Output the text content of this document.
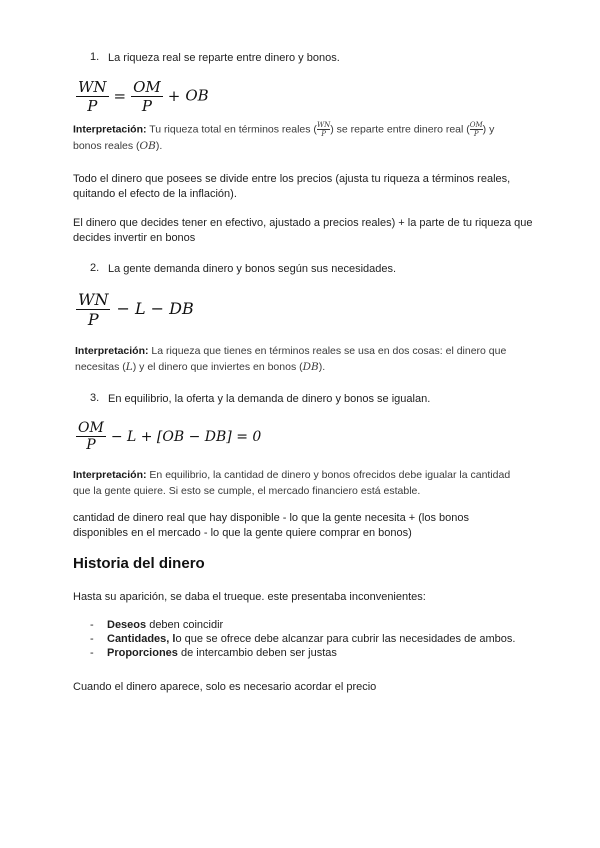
1. La riqueza real se reparte entre dinero y bonos.
$\frac{WN}{P} = \frac{OM}{P}$ + OB
Interpretación: Tu riqueza total en términos reales ( $\frac{WN}{P}$ ) se reparte entre dinero real ( $\frac{OM}{P}$ ) y
bonos reales (OB).
Todo el dinero que posees se divide entre los precios (ajusta tu riqueza a términos reales, quitando el efecto de la inflación).
El dinero que decides tener en efectivo, ajustado a precios reales) + la parte de tu riqueza que decides invertir en bonos
2. La gente demanda dinero y bonos según sus necesidades.
$\frac{WN}{P} - L$ − DB
Interpretación: La riqueza que tienes en términos reales se usa en dos cosas: el dinero que
necesitas (L) y el dinero que inviertes en bonos (DB).
3. En equilibrio, la oferta y la demanda de dinero y bonos se igualan.
$\frac{OM}{P} - L + [OB - DB] = 0$
Interpretación: En equilibrio, la cantidad de dinero y bonos ofrecidos debe igualar la cantidad
que la gente quiere. Si esto se cumple, el mercado financiero está estable.
cantidad de dinero real que hay disponible - lo que la gente necesita + (los bonos disponibles en el mercado - lo que la gente quiere comprar en bonos)
Historia del dinero
Hasta su aparición, se daba el trueque. este presentaba inconvenientes:
- Deseos deben coincidir
- Cantidades, lo que se ofrece debe alcanzar para cubrir las necesidades de ambos.
- Proporciones de intercambio deben ser justas
Cuando el dinero aparece, solo es necesario acordar el precio
